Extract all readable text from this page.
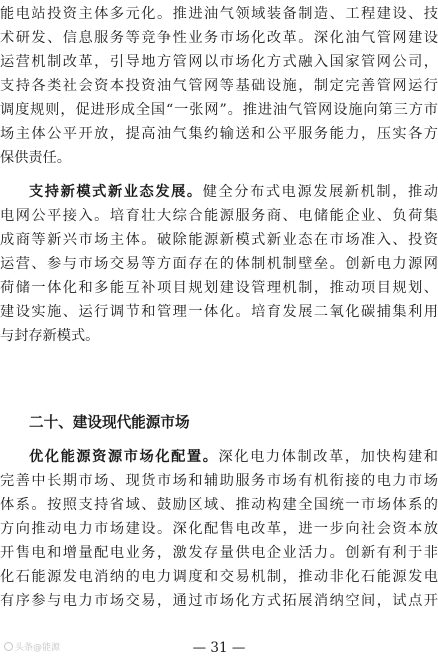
能电站投资主体多元化。推进油气领域装备制造、工程建设、技
术研发、信息服务等竞争性业务市场化改革。深化油气管网建设
运营机制改革，引导地方管网以市场化方式融入国家管网公司，
支持各类社会资本投资油气管网等基础设施，制定完善管网运行
调度规则，促进形成全国“一张网”。推进油气管网设施向第三方市
场主体公平开放，提高油气集约输送和公平服务能力，压实各方
保供责任。
支持新模式新业态发展。健全分布式电源发展新机制，推动
电网公平接入。培育壮大综合能源服务商、电储能企业、负荷集
成商等新兴市场主体。破除能源新模式新业态在市场准入、投资
运营、参与市场交易等方面存在的体制机制壁垒。创新电力源网
荷储一体化和多能互补项目规划建设管理机制，推动项目规划、
建设实施、运行调节和管理一体化。培育发展二氧化碳捕集利用
与封存新模式。
二十、建设现代能源市场
优化能源资源市场化配置。深化电力体制改革，加快构建和
完善中长期市场、现货市场和辅助服务市场有机衔接的电力市场
体系。按照支持省域、鼓励区域、推动构建全国统一市场体系的
方向推动电力市场建设。深化配售电改革，进一步向社会资本放
开售电和增量配电业务，激发存量供电企业活力。创新有利于非
化石能源发电消纳的电力调度和交易机制，推动非化石能源发电
有序参与电力市场交易，通过市场化方式拓展消纳空间，试点开
— 31 —
头条@能源
